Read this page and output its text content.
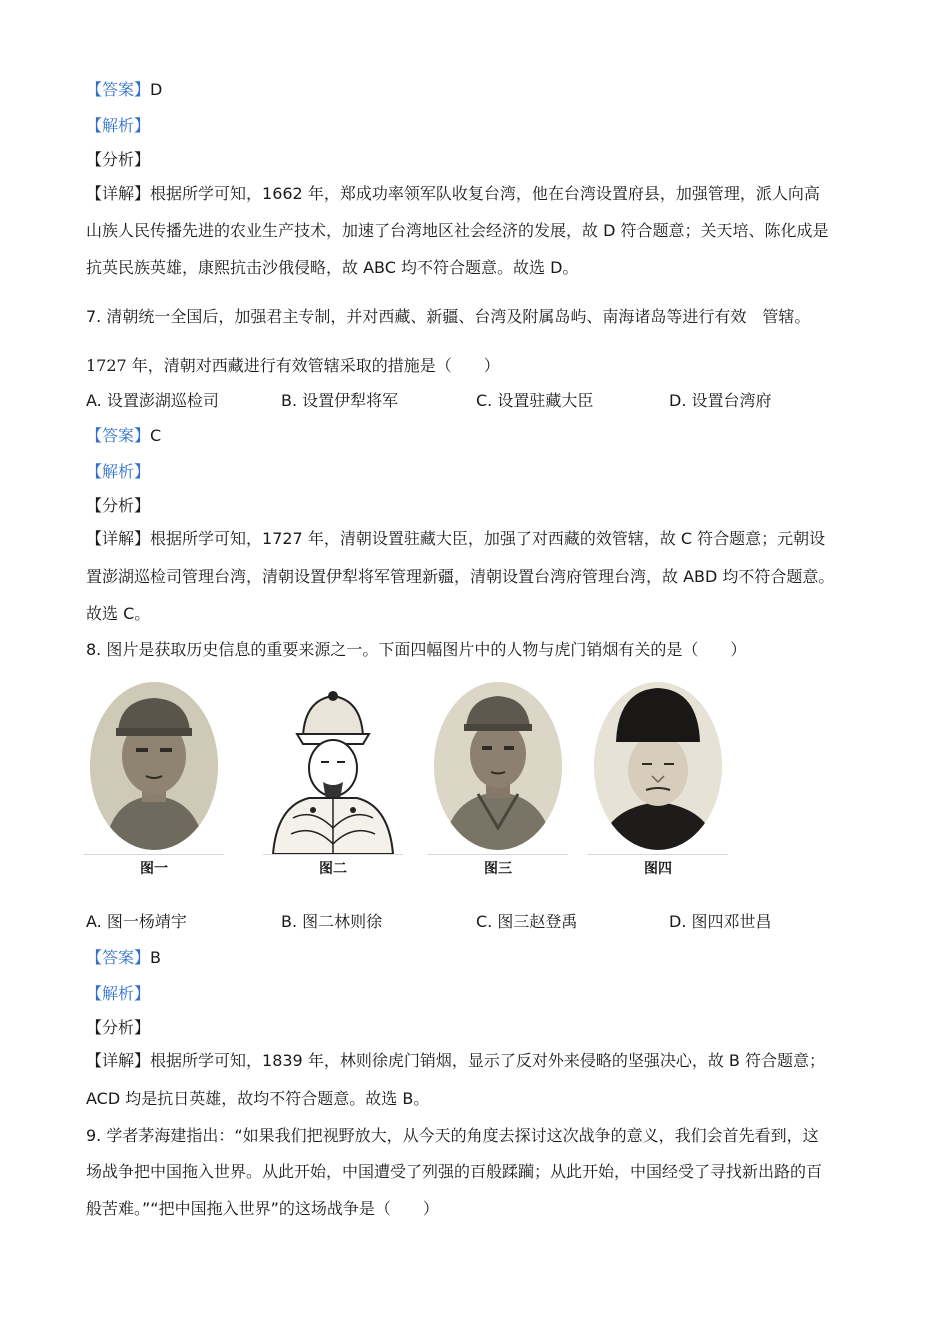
【答案】D
【解析】
【分析】
【详解】根据所学可知，1662 年，郑成功率领军队收复台湾，他在台湾设置府县，加强管理，派人向高
山族人民传播先进的农业生产技术，加速了台湾地区社会经济的发展，故 D 符合题意；关天培、陈化成是
抗英民族英雄，康熙抗击沙俄侵略，故 ABC 均不符合题意。故选 D。
7. 清朝统一全国后，加强君主专制，并对西藏、新疆、台湾及附属岛屿、南海诸岛等进行有效　管辖。
1727 年，清朝对西藏进行有效管辖采取的措施是（　　）
A. 设置澎湖巡检司	B. 设置伊犁将军	C. 设置驻藏大臣	D. 设置台湾府
【答案】C
【解析】
【分析】
【详解】根据所学可知，1727 年，清朝设置驻藏大臣，加强了对西藏的效管辖，故 C 符合题意；元朝设
置澎湖巡检司管理台湾，清朝设置伊犁将军管理新疆，清朝设置台湾府管理台湾，故 ABD 均不符合题意。
故选 C。
8. 图片是获取历史信息的重要来源之一。下面四幅图片中的人物与虎门销烟有关的是（　　）
图一	图二	图三	图四
A. 图一杨靖宇	B. 图二林则徐	C. 图三赵登禹	D. 图四邓世昌
【答案】B
【解析】
【分析】
【详解】根据所学可知，1839 年，林则徐虎门销烟，显示了反对外来侵略的坚强决心，故 B 符合题意；
ACD 均是抗日英雄，故均不符合题意。故选 B。
9. 学者茅海建指出：“如果我们把视野放大，从今天的角度去探讨这次战争的意义，我们会首先看到，这
场战争把中国拖入世界。从此开始，中国遭受了列强的百般蹂躏；从此开始，中国经受了寻找新出路的百
般苦难。”“把中国拖入世界”的这场战争是（　　）
